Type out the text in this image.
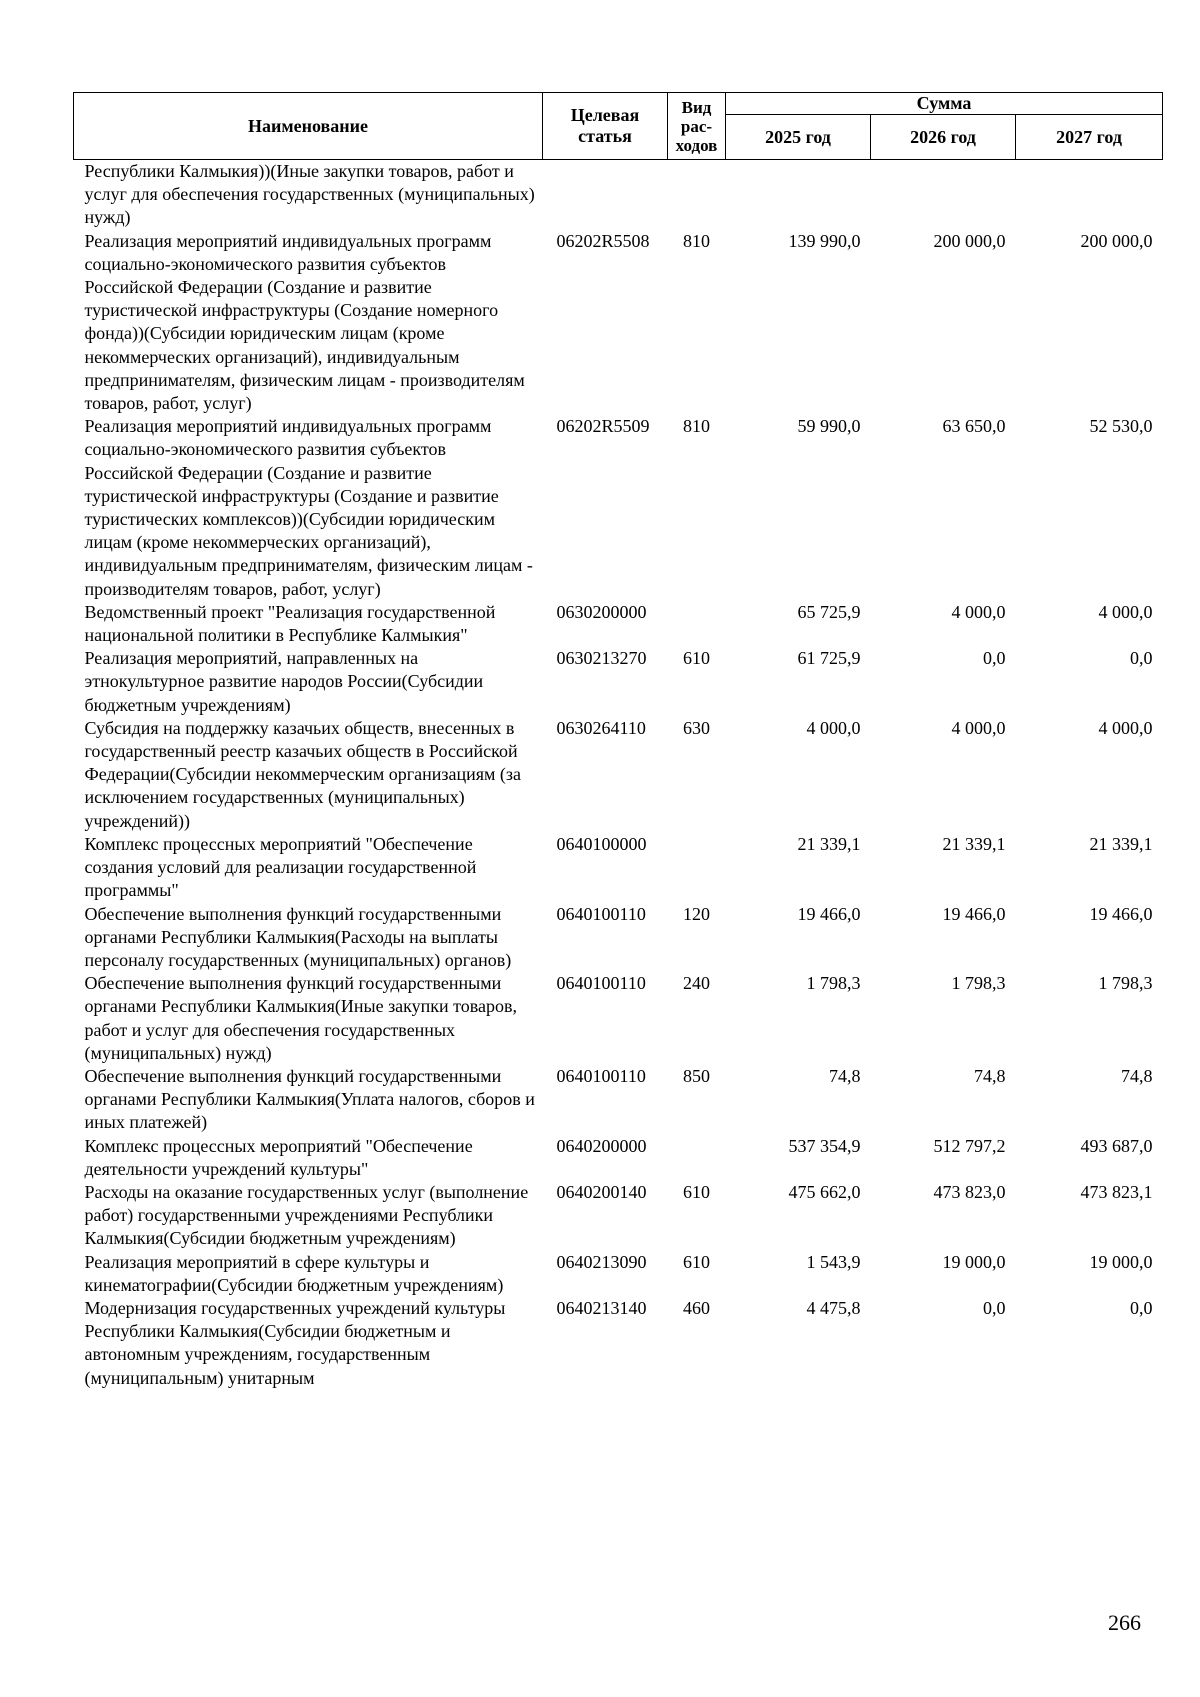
Наименование	Целевая статья	Вид рас-ходов	Сумма		
			2025 год	2026 год	2027 год
Республики Калмыкия))(Иные закупки товаров, работ и услуг для обеспечения государственных (муниципальных) нужд)					
Реализация мероприятий индивидуальных программ социально-экономического развития субъектов Российской Федерации (Создание и развитие туристической инфраструктуры (Создание номерного фонда))(Субсидии юридическим лицам (кроме некоммерческих организаций), индивидуальным предпринимателям, физическим лицам - производителям товаров, работ, услуг)	06202R5508	810	139 990,0	200 000,0	200 000,0
Реализация мероприятий индивидуальных программ социально-экономического развития субъектов Российской Федерации (Создание и развитие туристической инфраструктуры (Создание и развитие туристических комплексов))(Субсидии юридическим лицам (кроме некоммерческих организаций), индивидуальным предпринимателям, физическим лицам - производителям товаров, работ, услуг)	06202R5509	810	59 990,0	63 650,0	52 530,0
Ведомственный проект "Реализация государственной национальной политики в Республике Калмыкия"	0630200000		65 725,9	4 000,0	4 000,0
Реализация мероприятий, направленных на этнокультурное развитие народов России(Субсидии бюджетным учреждениям)	0630213270	610	61 725,9	0,0	0,0
Субсидия на поддержку казачьих обществ, внесенных в государственный реестр казачьих обществ в Российской Федерации(Субсидии некоммерческим организациям (за исключением государственных (муниципальных) учреждений))	0630264110	630	4 000,0	4 000,0	4 000,0
Комплекс процессных мероприятий "Обеспечение создания условий для реализации государственной программы"	0640100000		21 339,1	21 339,1	21 339,1
Обеспечение выполнения функций государственными органами Республики Калмыкия(Расходы на выплаты персоналу государственных (муниципальных) органов)	0640100110	120	19 466,0	19 466,0	19 466,0
Обеспечение выполнения функций государственными органами Республики Калмыкия(Иные закупки товаров, работ и услуг для обеспечения государственных (муниципальных) нужд)	0640100110	240	1 798,3	1 798,3	1 798,3
Обеспечение выполнения функций государственными органами Республики Калмыкия(Уплата налогов, сборов и иных платежей)	0640100110	850	74,8	74,8	74,8
Комплекс процессных мероприятий "Обеспечение деятельности учреждений культуры"	0640200000		537 354,9	512 797,2	493 687,0
Расходы на оказание государственных услуг (выполнение работ) государственными учреждениями Республики Калмыкия(Субсидии бюджетным учреждениям)	0640200140	610	475 662,0	473 823,0	473 823,1
Реализация мероприятий в сфере культуры и кинематографии(Субсидии бюджетным учреждениям)	0640213090	610	1 543,9	19 000,0	19 000,0
Модернизация государственных учреждений культуры Республики Калмыкия(Субсидии бюджетным и автономным учреждениям, государственным (муниципальным) унитарным	0640213140	460	4 475,8	0,0	0,0
266
